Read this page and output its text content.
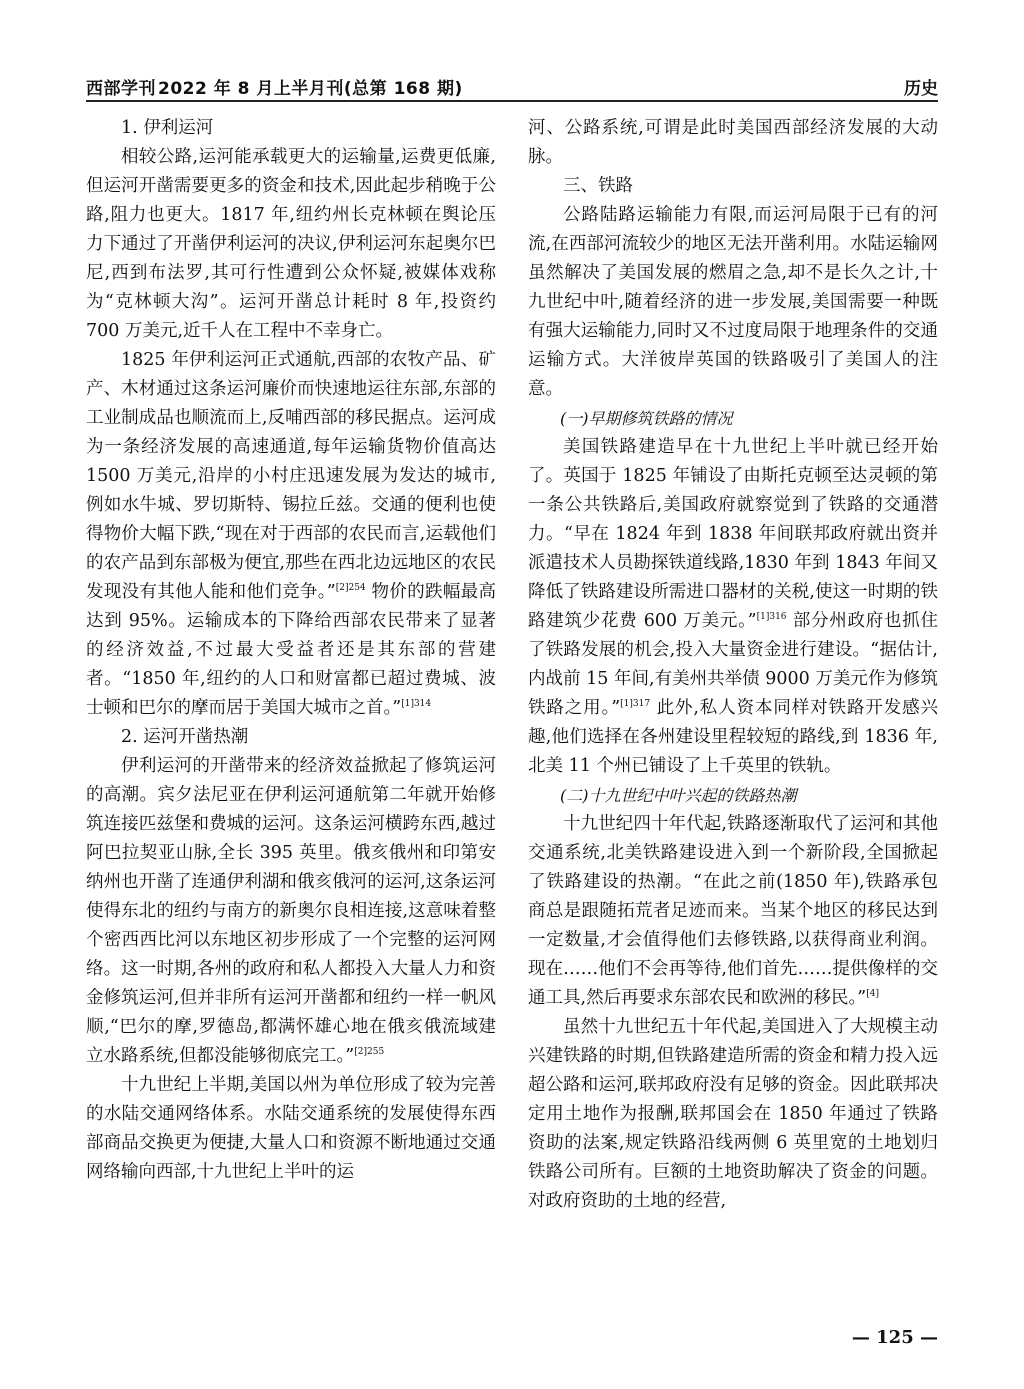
西部学刊 2022 年 8 月上半月刊(总第 168 期)	历史

1. 伊利运河

相较公路,运河能承载更大的运输量,运费更低廉,但运河开凿需要更多的资金和技术,因此起步稍晚于公路,阻力也更大。1817 年,纽约州长克林顿在舆论压力下通过了开凿伊利运河的决议,伊利运河东起奥尔巴尼,西到布法罗,其可行性遭到公众怀疑,被媒体戏称为“克林顿大沟”。运河开凿总计耗时 8 年,投资约 700 万美元,近千人在工程中不幸身亡。

1825 年伊利运河正式通航,西部的农牧产品、矿产、木材通过这条运河廉价而快速地运往东部,东部的工业制成品也顺流而上,反哺西部的移民据点。运河成为一条经济发展的高速通道,每年运输货物价值高达 1500 万美元,沿岸的小村庄迅速发展为发达的城市,例如水牛城、罗切斯特、锡拉丘兹。交通的便利也使得物价大幅下跌,“现在对于西部的农民而言,运载他们的农产品到东部极为便宜,那些在西北边远地区的农民发现没有其他人能和他们竞争。”$^{[2]254}$ 物价的跌幅最高达到 95%。运输成本的下降给西部农民带来了显著的经济效益,不过最大受益者还是其东部的营建者。“1850 年,纽约的人口和财富都已超过费城、波士顿和巴尔的摩而居于美国大城市之首。”$^{[1]314}$

2. 运河开凿热潮

伊利运河的开凿带来的经济效益掀起了修筑运河的高潮。宾夕法尼亚在伊利运河通航第二年就开始修筑连接匹兹堡和费城的运河。这条运河横跨东西,越过阿巴拉契亚山脉,全长 395 英里。俄亥俄州和印第安纳州也开凿了连通伊利湖和俄亥俄河的运河,这条运河使得东北的纽约与南方的新奥尔良相连接,这意味着整个密西西比河以东地区初步形成了一个完整的运河网络。这一时期,各州的政府和私人都投入大量人力和资金修筑运河,但并非所有运河开凿都和纽约一样一帆风顺,“巴尔的摩,罗德岛,都满怀雄心地在俄亥俄流域建立水路系统,但都没能够彻底完工。”$^{[2]255}$

十九世纪上半期,美国以州为单位形成了较为完善的水陆交通网络体系。水陆交通系统的发展使得东西部商品交换更为便捷,大量人口和资源不断地通过交通网络输向西部,十九世纪上半叶的运

河、公路系统,可谓是此时美国西部经济发展的大动脉。

三、铁路

公路陆路运输能力有限,而运河局限于已有的河流,在西部河流较少的地区无法开凿利用。水陆运输网虽然解决了美国发展的燃眉之急,却不是长久之计,十九世纪中叶,随着经济的进一步发展,美国需要一种既有强大运输能力,同时又不过度局限于地理条件的交通运输方式。大洋彼岸英国的铁路吸引了美国人的注意。

(一)早期修筑铁路的情况

美国铁路建造早在十九世纪上半叶就已经开始了。英国于 1825 年铺设了由斯托克顿至达灵顿的第一条公共铁路后,美国政府就察觉到了铁路的交通潜力。“早在 1824 年到 1838 年间联邦政府就出资并派遣技术人员勘探铁道线路,1830 年到 1843 年间又降低了铁路建设所需进口器材的关税,使这一时期的铁路建筑少花费 600 万美元。”$^{[1]316}$ 部分州政府也抓住了铁路发展的机会,投入大量资金进行建设。“据估计,内战前 15 年间,有美州共举债 9000 万美元作为修筑铁路之用。”$^{[1]317}$ 此外,私人资本同样对铁路开发感兴趣,他们选择在各州建设里程较短的路线,到 1836 年,北美 11 个州已铺设了上千英里的铁轨。

(二)十九世纪中叶兴起的铁路热潮

十九世纪四十年代起,铁路逐渐取代了运河和其他交通系统,北美铁路建设进入到一个新阶段,全国掀起了铁路建设的热潮。“在此之前(1850 年),铁路承包商总是跟随拓荒者足迹而来。当某个地区的移民达到一定数量,才会值得他们去修铁路,以获得商业利润。现在……他们不会再等待,他们首先……提供像样的交通工具,然后再要求东部农民和欧洲的移民。”[4]

虽然十九世纪五十年代起,美国进入了大规模主动兴建铁路的时期,但铁路建造所需的资金和精力投入远超公路和运河,联邦政府没有足够的资金。因此联邦决定用土地作为报酬,联邦国会在 1850 年通过了铁路资助的法案,规定铁路沿线两侧 6 英里宽的土地划归铁路公司所有。巨额的土地资助解决了资金的问题。对政府资助的土地的经营,

— 125 —
